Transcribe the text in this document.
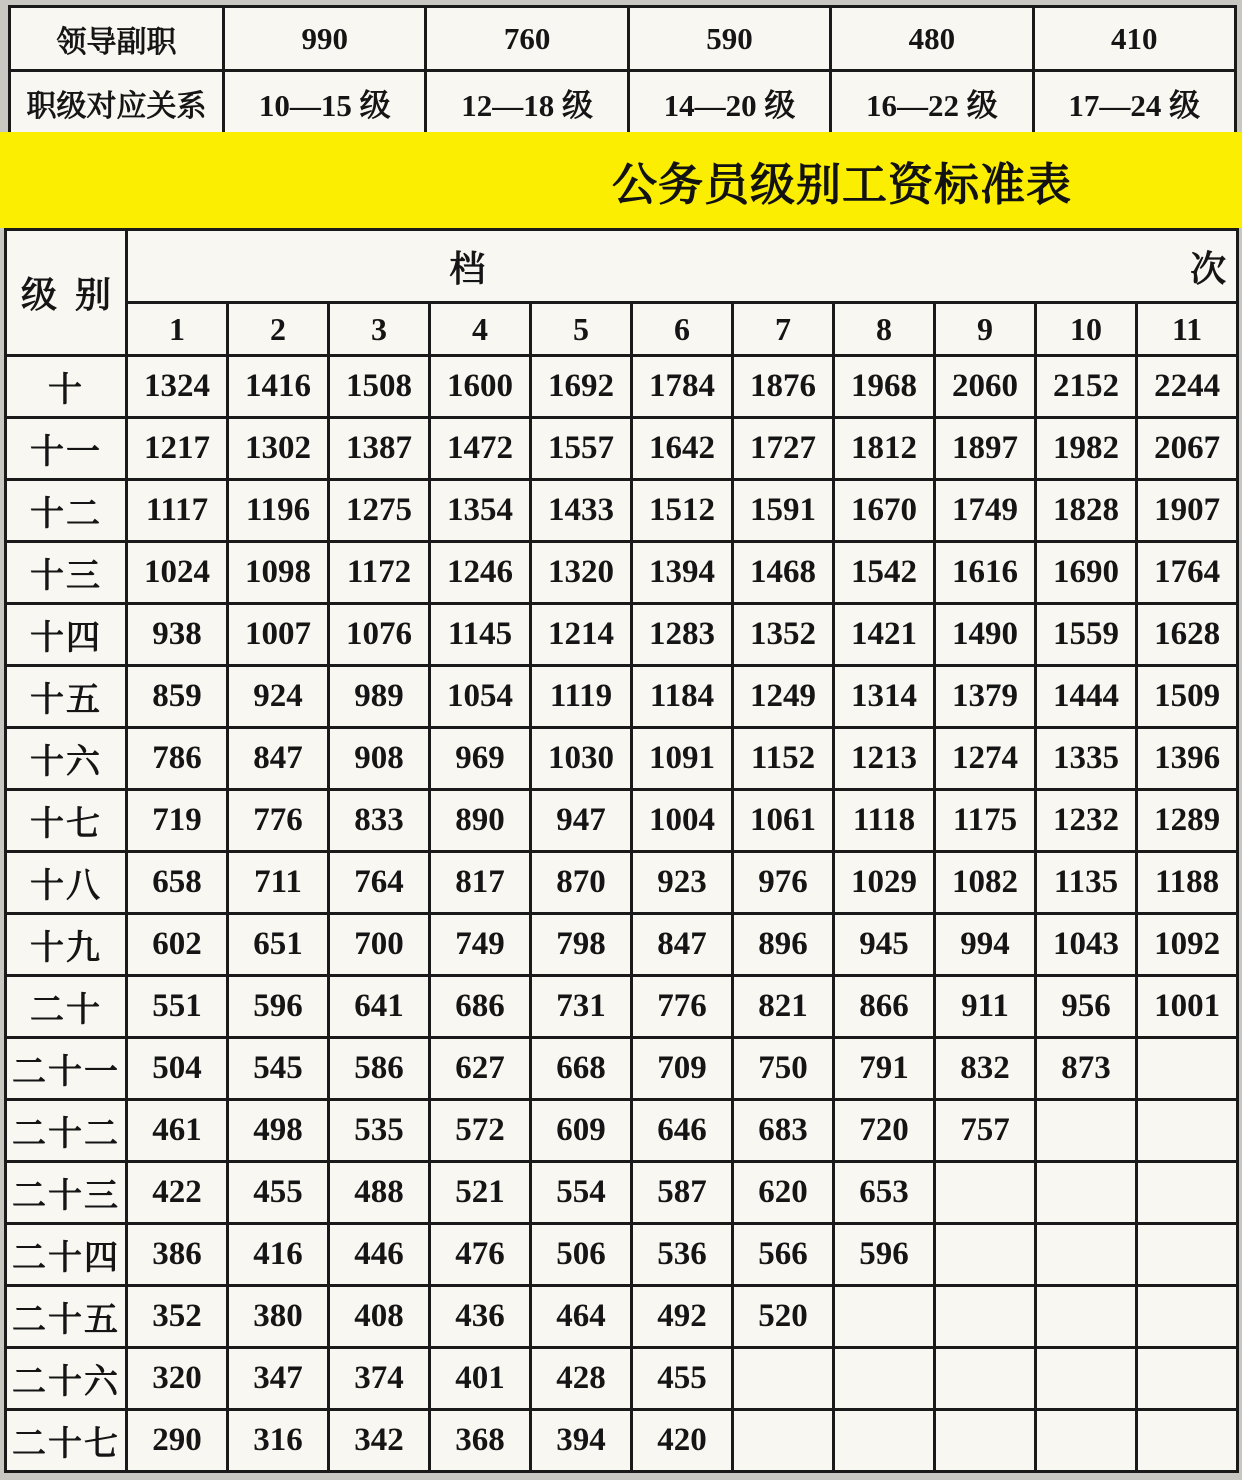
领导副职	990	760	590	480	410
职级对应关系	10—15 级	12—18 级	14—20 级	16—22 级	17—24 级
公务员级别工资标准表
级  别	档 次										

	1	2	3	4	5	6	7	8	9	10	11
十	1324	1416	1508	1600	1692	1784	1876	1968	2060	2152	2244
十一	1217	1302	1387	1472	1557	1642	1727	1812	1897	1982	2067
十二	1117	1196	1275	1354	1433	1512	1591	1670	1749	1828	1907
十三	1024	1098	1172	1246	1320	1394	1468	1542	1616	1690	1764
十四	938	1007	1076	1145	1214	1283	1352	1421	1490	1559	1628
十五	859	924	989	1054	1119	1184	1249	1314	1379	1444	1509
十六	786	847	908	969	1030	1091	1152	1213	1274	1335	1396
十七	719	776	833	890	947	1004	1061	1118	1175	1232	1289
十八	658	711	764	817	870	923	976	1029	1082	1135	1188
十九	602	651	700	749	798	847	896	945	994	1043	1092
二十	551	596	641	686	731	776	821	866	911	956	1001
二十一	504	545	586	627	668	709	750	791	832	873	
二十二	461	498	535	572	609	646	683	720	757		
二十三	422	455	488	521	554	587	620	653			
二十四	386	416	446	476	506	536	566	596			
二十五	352	380	408	436	464	492	520				
二十六	320	347	374	401	428	455					
二十七	290	316	342	368	394	420					
